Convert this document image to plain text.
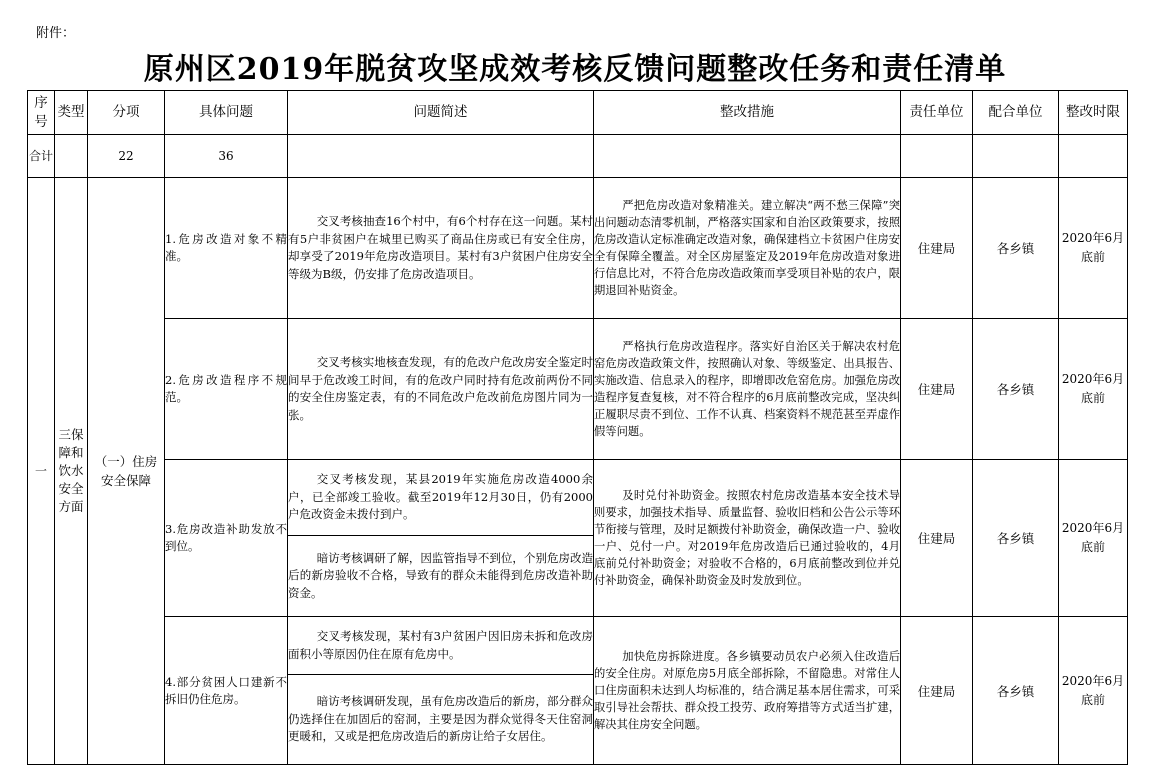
附件：
原州区2019年脱贫攻坚成效考核反馈问题整改任务和责任清单
序号	类型	分项	具体问题	问题简述	整改措施	责任单位	配合单位	整改时限
合计		22	36					
一	三保障和饮水安全方面	（一）住房安全保障	1.危房改造对象不精准。	交叉考核抽查16个村中，有6个村存在这一问题。某村有5户非贫困户在城里已购买了商品住房或已有安全住房，却享受了2019年危房改造项目。某村有3户贫困户住房安全等级为B级，仍安排了危房改造项目。	严把危房改造对象精准关。建立解决“两不愁三保障”突出问题动态清零机制，严格落实国家和自治区政策要求，按照危房改造认定标准确定改造对象，确保建档立卡贫困户住房安全有保障全覆盖。对全区房屋鉴定及2019年危房改造对象进行信息比对，不符合危房改造政策而享受项目补贴的农户，限期退回补贴资金。	住建局	各乡镇	2020年6月底前
			2.危房改造程序不规范。	交叉考核实地核查发现，有的危改户危改房安全鉴定时间早于危改竣工时间，有的危改户同时持有危改前两份不同的安全住房鉴定表，有的不同危改户危改前危房图片同为一张。	严格执行危房改造程序。落实好自治区关于解决农村危窑危房改造政策文件，按照确认对象、等级鉴定、出具报告、实施改造、信息录入的程序，即增即改危窑危房。加强危房改造程序复查复核，对不符合程序的6月底前整改完成，坚决纠正履职尽责不到位、工作不认真、档案资料不规范甚至弄虚作假等问题。	住建局	各乡镇	2020年6月底前
			3.危房改造补助发放不到位。	交叉考核发现，某县2019年实施危房改造4000余户，已全部竣工验收。截至2019年12月30日，仍有2000户危改资金未拨付到户。	及时兑付补助资金。按照农村危房改造基本安全技术导则要求，加强技术指导、质量监督、验收旧档和公告公示等环节衔接与管理，及时足额拨付补助资金，确保改造一户、验收一户、兑付一户。对2019年危房改造后已通过验收的，4月底前兑付补助资金；对验收不合格的，6月底前整改到位并兑付补助资金，确保补助资金及时发放到位。	住建局	各乡镇	2020年6月底前
				暗访考核调研了解，因监管指导不到位，个别危房改造后的新房验收不合格，导致有的群众未能得到危房改造补助资金。				
			4.部分贫困人口建新不拆旧仍住危房。	交叉考核发现，某村有3户贫困户因旧房未拆和危改房面积小等原因仍住在原有危房中。	加快危房拆除进度。各乡镇要动员农户必须入住改造后的安全住房。对原危房5月底全部拆除，不留隐患。对常住人口住房面积未达到人均标准的，结合满足基本居住需求，可采取引导社会帮扶、群众投工投劳、政府筹措等方式适当扩建，解决其住房安全问题。	住建局	各乡镇	2020年6月底前
				暗访考核调研发现，虽有危房改造后的新房，部分群众仍选择住在加固后的窑洞，主要是因为群众觉得冬天住窑洞更暖和，又或是把危房改造后的新房让给子女居住。				
